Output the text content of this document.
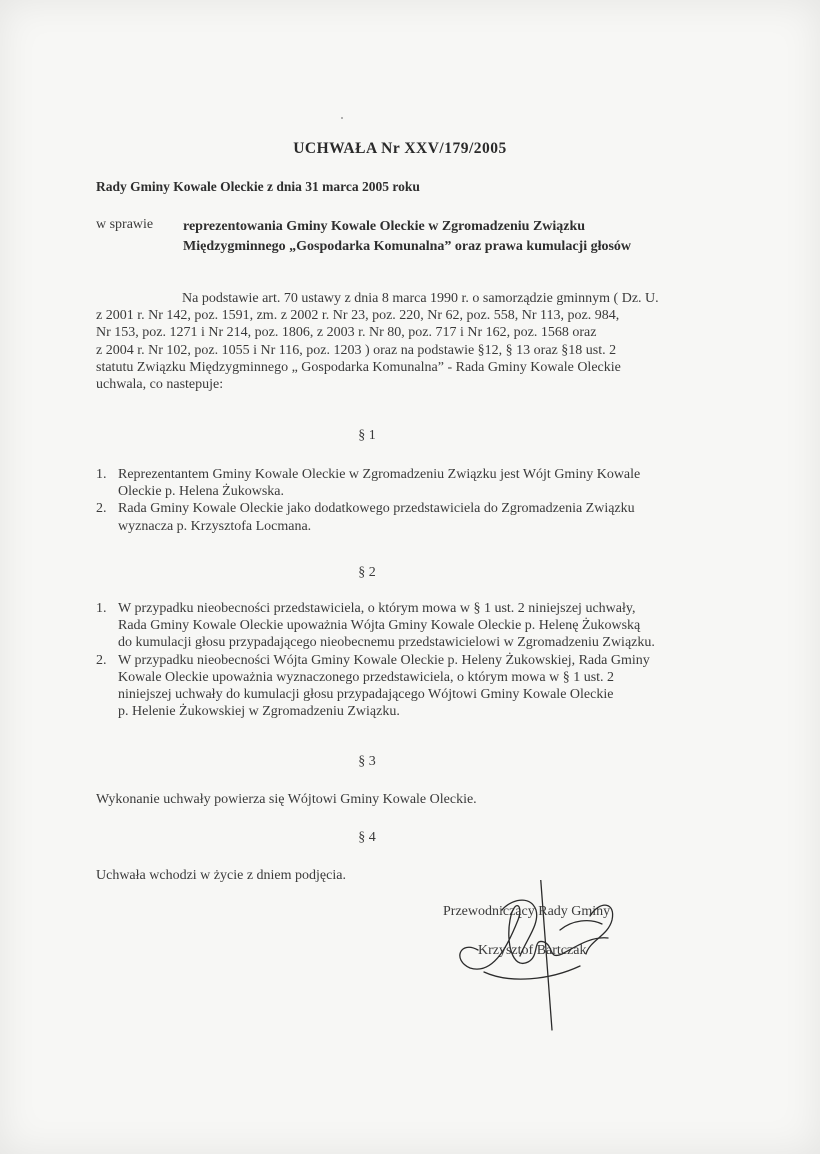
UCHWAŁA Nr XXV/179/2005
Rady Gminy Kowale Oleckie z dnia 31 marca 2005 roku
w sprawie reprezentowania Gminy Kowale Oleckie w Zgromadzeniu Związku
Międzygminnego „Gospodarka Komunalna” oraz prawa kumulacji głosów
Na podstawie art. 70 ustawy z dnia 8 marca 1990 r. o samorządzie gminnym ( Dz. U.
z 2001 r. Nr 142, poz. 1591, zm. z 2002 r. Nr 23, poz. 220, Nr 62, poz. 558, Nr 113, poz. 984,
Nr 153, poz. 1271 i Nr 214, poz. 1806, z 2003 r. Nr 80, poz. 717 i Nr 162, poz. 1568 oraz
z 2004 r. Nr 102, poz. 1055 i Nr 116, poz. 1203 ) oraz na podstawie §12, § 13 oraz §18 ust. 2
statutu Związku Międzygminnego „ Gospodarka Komunalna” - Rada Gminy Kowale Oleckie
uchwala, co nastepuje:
§ 1
1. Reprezentantem Gminy Kowale Oleckie w Zgromadzeniu Związku jest Wójt Gminy Kowale
Oleckie p. Helena Żukowska.
2. Rada Gminy Kowale Oleckie jako dodatkowego przedstawiciela do Zgromadzenia Związku
wyznacza p. Krzysztofa Locmana.
§ 2
1. W przypadku nieobecności przedstawiciela, o którym mowa w § 1 ust. 2 niniejszej uchwały,
Rada Gminy Kowale Oleckie upoważnia Wójta Gminy Kowale Oleckie p. Helenę Żukowską
do kumulacji głosu przypadającego nieobecnemu przedstawicielowi w Zgromadzeniu Związku.
2. W przypadku nieobecności Wójta Gminy Kowale Oleckie p. Heleny Żukowskiej, Rada Gminy
Kowale Oleckie upoważnia wyznaczonego przedstawiciela, o którym mowa w § 1 ust. 2
niniejszej uchwały do kumulacji głosu przypadającego Wójtowi Gminy Kowale Oleckie
p. Helenie Żukowskiej w Zgromadzeniu Związku.
§ 3
Wykonanie uchwały powierza się Wójtowi Gminy Kowale Oleckie.
§ 4
Uchwała wchodzi w życie z dniem podjęcia.
Przewodniczący Rady Gminy
Krzysztof Bartczak
